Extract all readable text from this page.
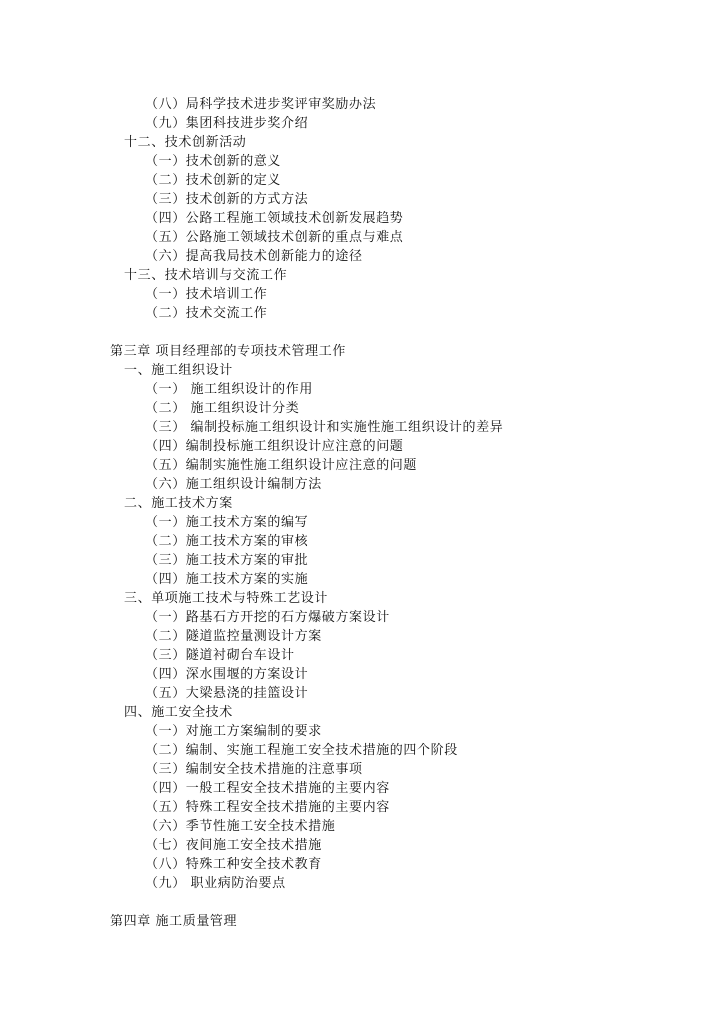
（八）局科学技术进步奖评审奖励办法
（九）集团科技进步奖介绍
十二、技术创新活动
（一）技术创新的意义
（二）技术创新的定义
（三）技术创新的方式方法
（四）公路工程施工领域技术创新发展趋势
（五）公路施工领域技术创新的重点与难点
（六）提高我局技术创新能力的途径
十三、技术培训与交流工作
（一）技术培训工作
（二）技术交流工作
第三章 项目经理部的专项技术管理工作
一、施工组织设计
（一） 施工组织设计的作用
（二） 施工组织设计分类
（三） 编制投标施工组织设计和实施性施工组织设计的差异
（四）编制投标施工组织设计应注意的问题
（五）编制实施性施工组织设计应注意的问题
（六）施工组织设计编制方法
二、施工技术方案
（一）施工技术方案的编写
（二）施工技术方案的审核
（三）施工技术方案的审批
（四）施工技术方案的实施
三、单项施工技术与特殊工艺设计
（一）路基石方开挖的石方爆破方案设计
（二）隧道监控量测设计方案
（三）隧道衬砌台车设计
（四）深水围堰的方案设计
（五）大梁悬浇的挂篮设计
四、施工安全技术
（一）对施工方案编制的要求
（二）编制、实施工程施工安全技术措施的四个阶段
（三）编制安全技术措施的注意事项
（四）一般工程安全技术措施的主要内容
（五）特殊工程安全技术措施的主要内容
（六）季节性施工安全技术措施
（七）夜间施工安全技术措施
（八）特殊工种安全技术教育
（九） 职业病防治要点
第四章 施工质量管理
